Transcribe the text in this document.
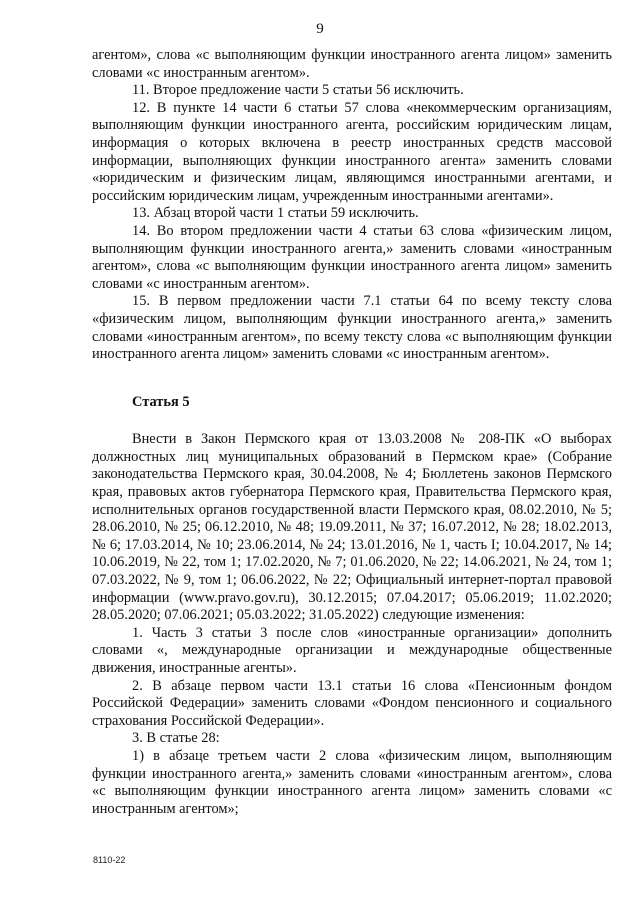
9

агентом», слова «с выполняющим функции иностранного агента лицом» заменить словами «с иностранным агентом».

11. Второе предложение части 5 статьи 56 исключить.

12. В пункте 14 части 6 статьи 57 слова «некоммерческим организациям, выполняющим функции иностранного агента, российским юридическим лицам, информация о которых включена в реестр иностранных средств массовой информации, выполняющих функции иностранного агента» заменить словами «юридическим и физическим лицам, являющимся иностранными агентами, и российским юридическим лицам, учрежденным иностранными агентами».

13. Абзац второй части 1 статьи 59 исключить.

14. Во втором предложении части 4 статьи 63 слова «физическим лицом, выполняющим функции иностранного агента,» заменить словами «иностранным агентом», слова «с выполняющим функции иностранного агента лицом» заменить словами «с иностранным агентом».

15. В первом предложении части 7.1 статьи 64 по всему тексту слова «физическим лицом, выполняющим функции иностранного агента,» заменить словами «иностранным агентом», по всему тексту слова «с выполняющим функции иностранного агента лицом» заменить словами «с иностранным агентом».

Статья 5

Внести в Закон Пермского края от 13.03.2008 № 208-ПК «О выборах должностных лиц муниципальных образований в Пермском крае» (Собрание законодательства Пермского края, 30.04.2008, № 4; Бюллетень законов Пермского края, правовых актов губернатора Пермского края, Правительства Пермского края, исполнительных органов государственной власти Пермского края, 08.02.2010, № 5; 28.06.2010, № 25; 06.12.2010, № 48; 19.09.2011, № 37; 16.07.2012, № 28; 18.02.2013, № 6; 17.03.2014, № 10; 23.06.2014, № 24; 13.01.2016, № 1, часть I; 10.04.2017, № 14; 10.06.2019, № 22, том 1; 17.02.2020, № 7; 01.06.2020, № 22; 14.06.2021, № 24, том 1; 07.03.2022, № 9, том 1; 06.06.2022, № 22; Официальный интернет-портал правовой информации (www.pravo.gov.ru), 30.12.2015; 07.04.2017; 05.06.2019; 11.02.2020; 28.05.2020; 07.06.2021; 05.03.2022; 31.05.2022) следующие изменения:

1. Часть 3 статьи 3 после слов «иностранные организации» дополнить словами «, международные организации и международные общественные движения, иностранные агенты».

2. В абзаце первом части 13.1 статьи 16 слова «Пенсионным фондом Российской Федерации» заменить словами «Фондом пенсионного и социального страхования Российской Федерации».

3. В статье 28:

1) в абзаце третьем части 2 слова «физическим лицом, выполняющим функции иностранного агента,» заменить словами «иностранным агентом», слова «с выполняющим функции иностранного агента лицом» заменить словами «с иностранным агентом»;

8110-22
